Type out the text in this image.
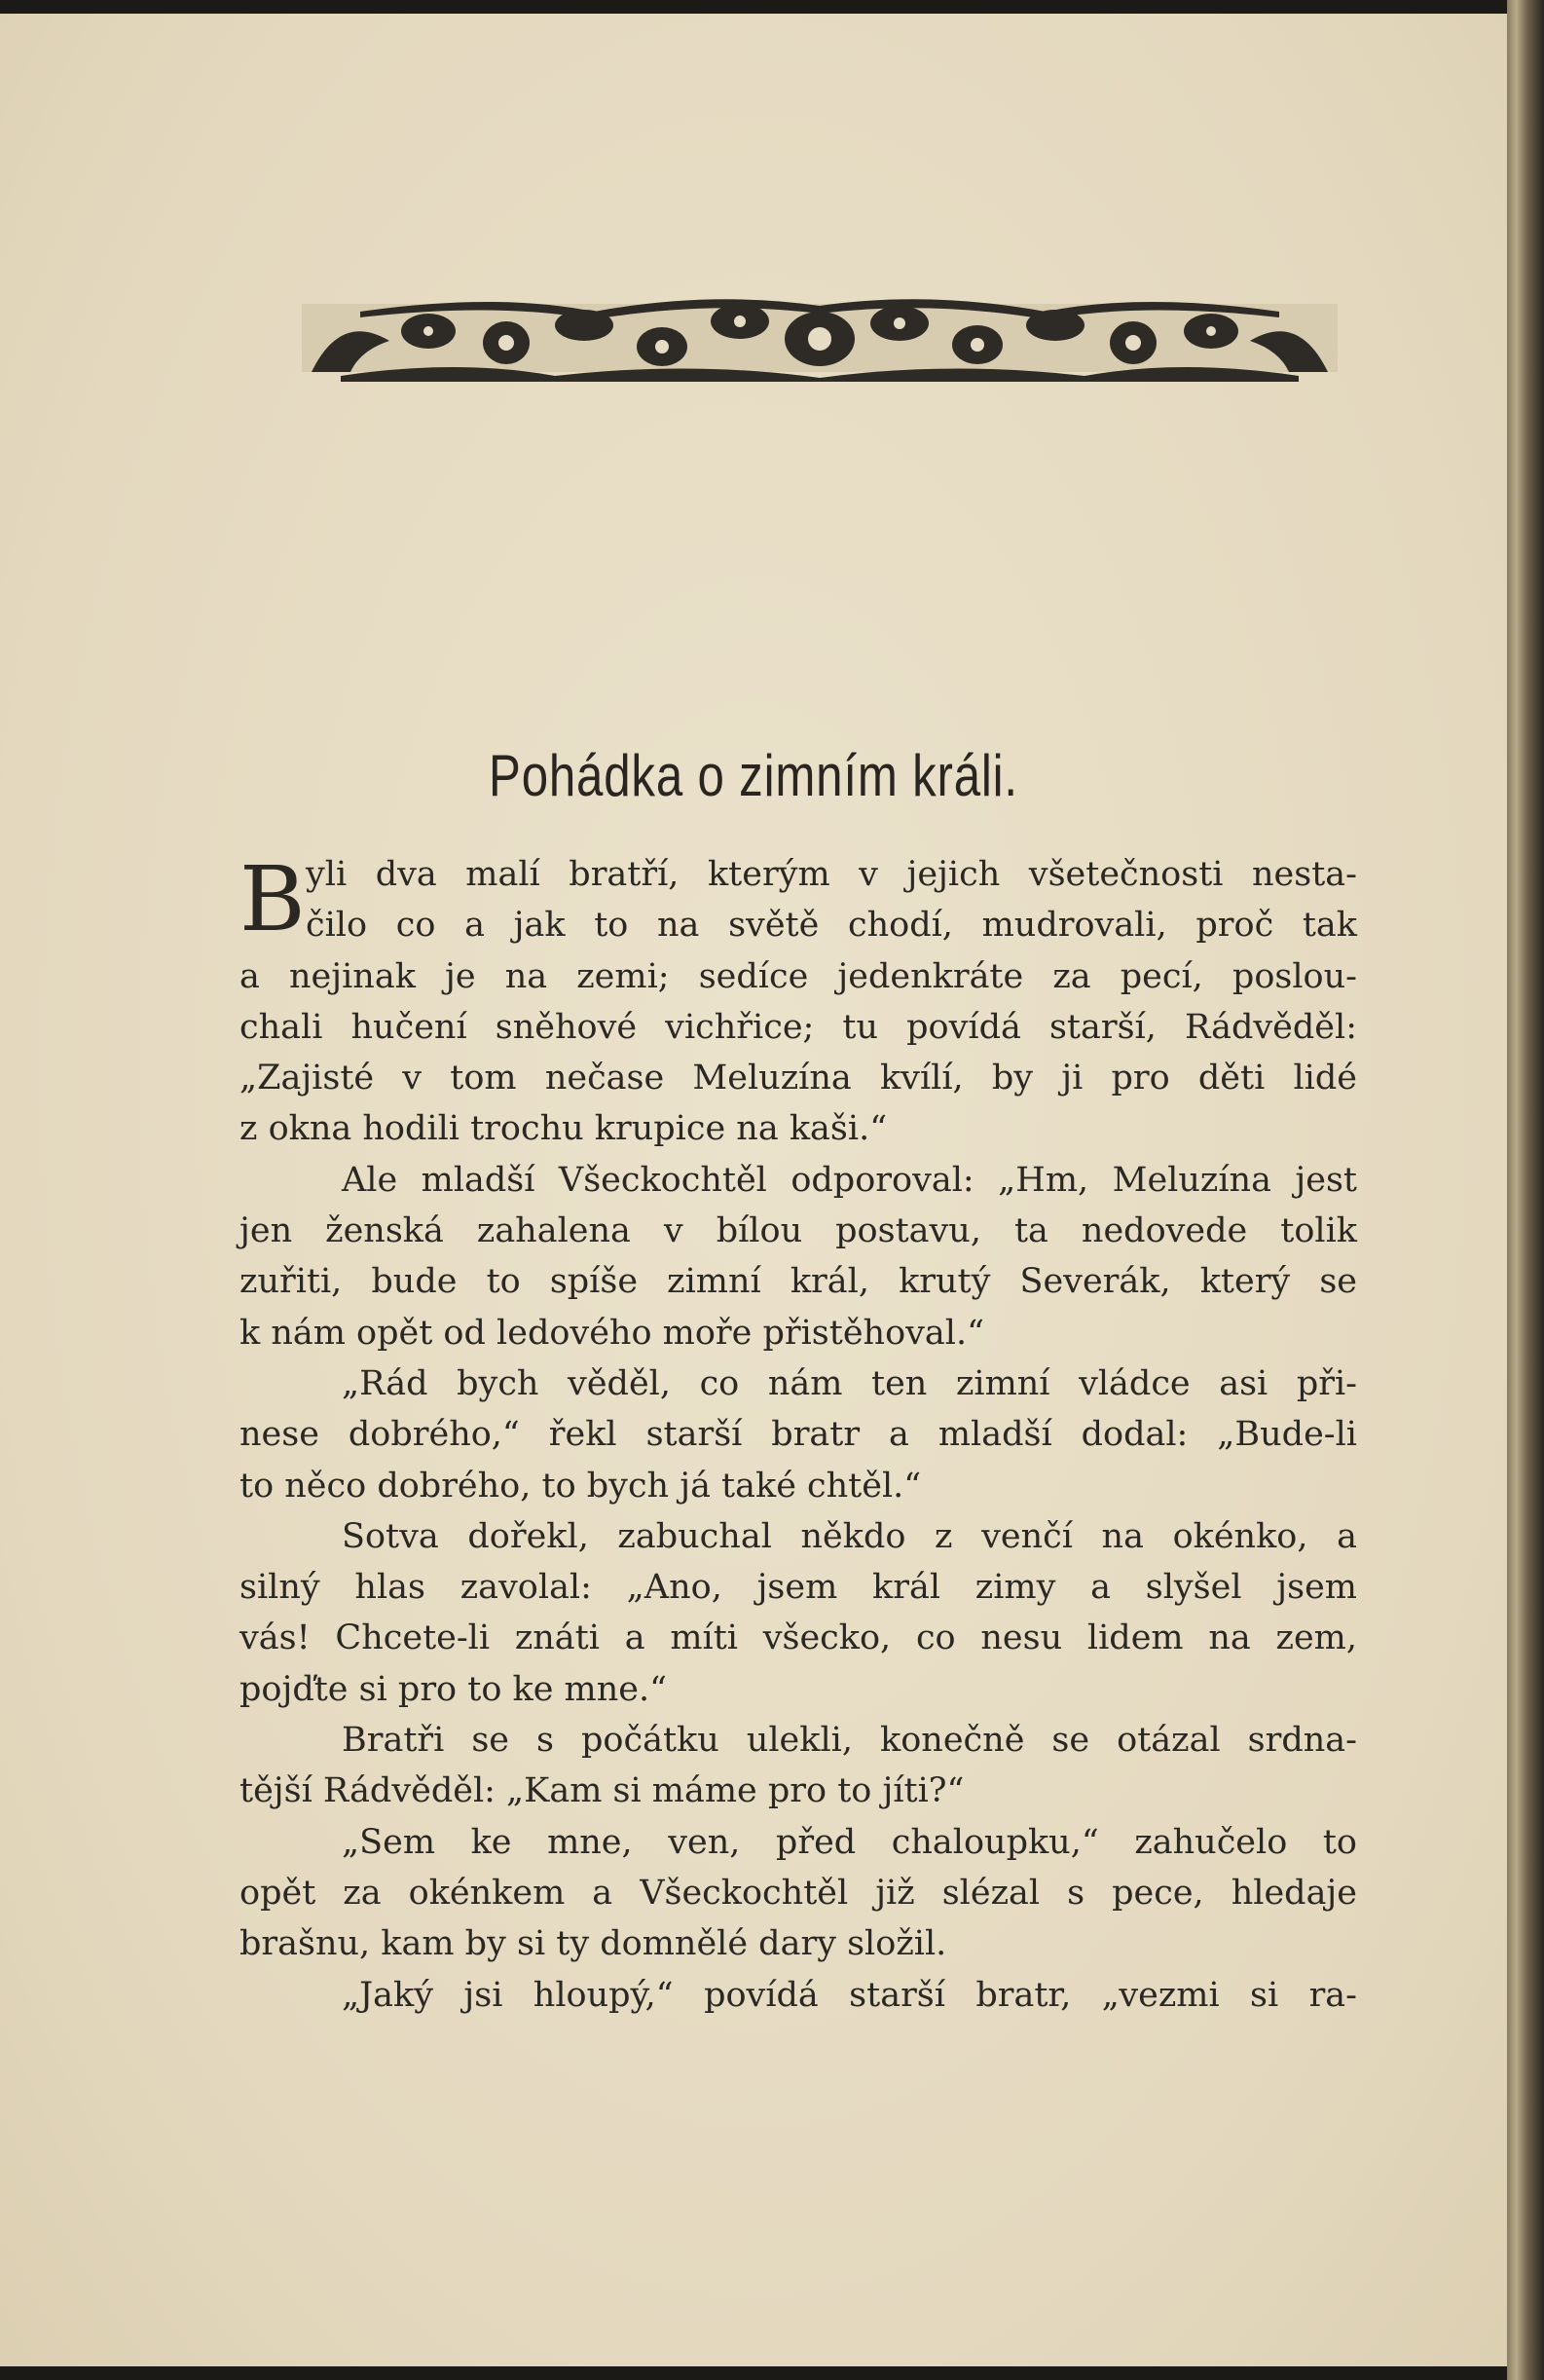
Pohádka o zimním králi.
B yli dva malí bratří, kterým v jejich všetečnosti nesta-
čilo co a jak to na světě chodí, mudrovali, proč tak
a nejinak je na zemi; sedíce jedenkráte za pecí, poslou-
chali hučení sněhové vichřice; tu povídá starší, Rádvěděl:
„Zajisté v tom nečase Meluzína kvílí, by ji pro děti lidé
z okna hodili trochu krupice na kaši.“
Ale mladší Všeckochtěl odporoval: „Hm, Meluzína jest
jen ženská zahalena v bílou postavu, ta nedovede tolik
zuřiti, bude to spíše zimní král, krutý Severák, který se
k nám opět od ledového moře přistěhoval.“
„Rád bych věděl, co nám ten zimní vládce asi při-
nese dobrého,“ řekl starší bratr a mladší dodal: „Bude-li
to něco dobrého, to bych já také chtěl.“
Sotva dořekl, zabuchal někdo z venčí na okénko, a
silný hlas zavolal: „Ano, jsem král zimy a slyšel jsem
vás! Chcete-li znáti a míti všecko, co nesu lidem na zem,
pojďte si pro to ke mne.“
Bratři se s počátku ulekli, konečně se otázal srdna-
tější Rádvěděl: „Kam si máme pro to jíti?“
„Sem ke mne, ven, před chaloupku,“ zahučelo to
opět za okénkem a Všeckochtěl již slézal s pece, hledaje
brašnu, kam by si ty domnělé dary složil.
„Jaký jsi hloupý,“ povídá starší bratr, „vezmi si ra-
